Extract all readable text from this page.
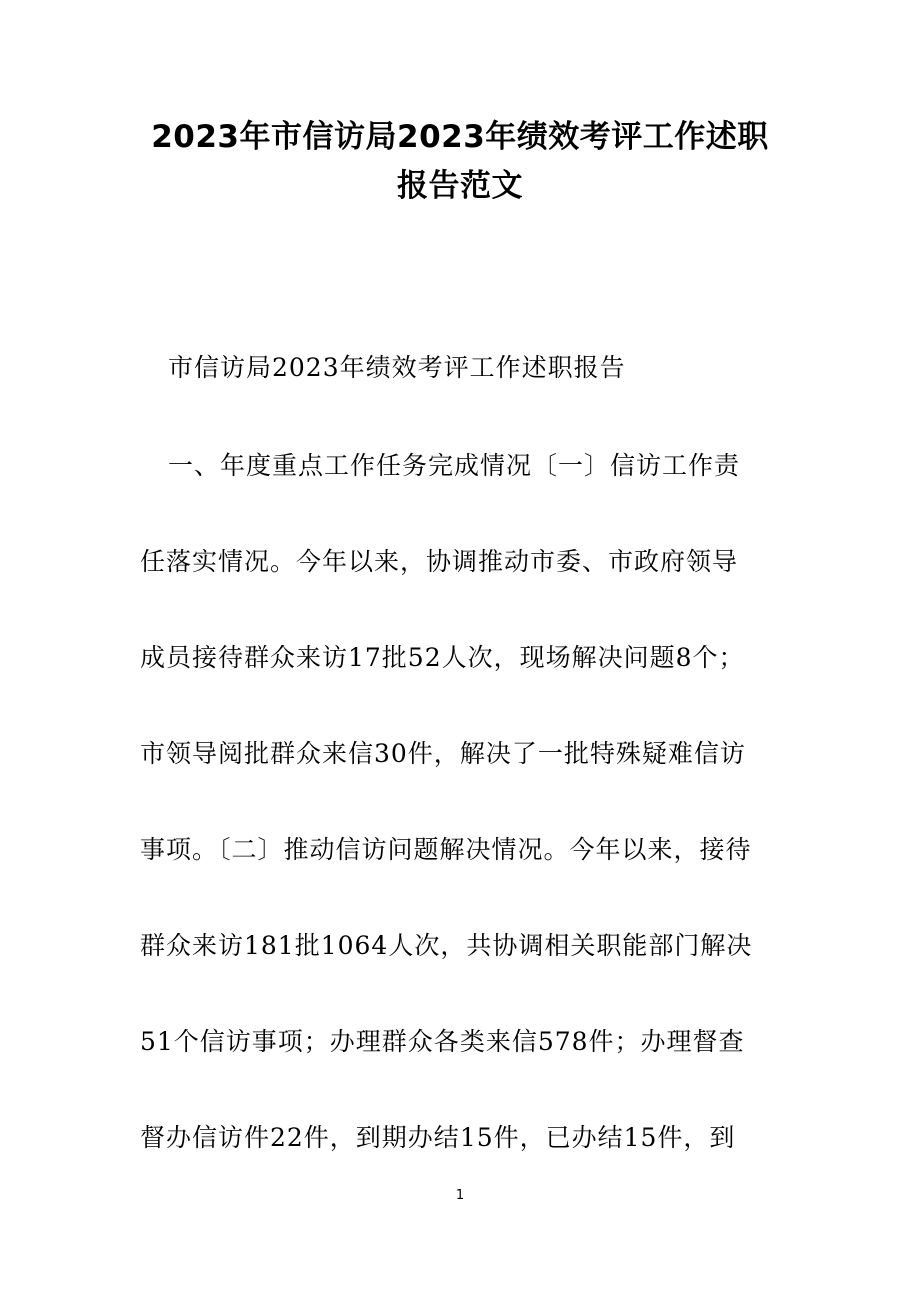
2023年市信访局2023年绩效考评工作述职
报告范文
市信访局2023年绩效考评工作述职报告
一、年度重点工作任务完成情况〔一〕信访工作责
任落实情况。今年以来，协调推动市委、市政府领导
成员接待群众来访17批52人次，现场解决问题8个；
市领导阅批群众来信30件，解决了一批特殊疑难信访
事项。〔二〕推动信访问题解决情况。今年以来，接待
群众来访181批1064人次，共协调相关职能部门解决
51个信访事项；办理群众各类来信578件；办理督查
督办信访件22件，到期办结15件，已办结15件，到
1
